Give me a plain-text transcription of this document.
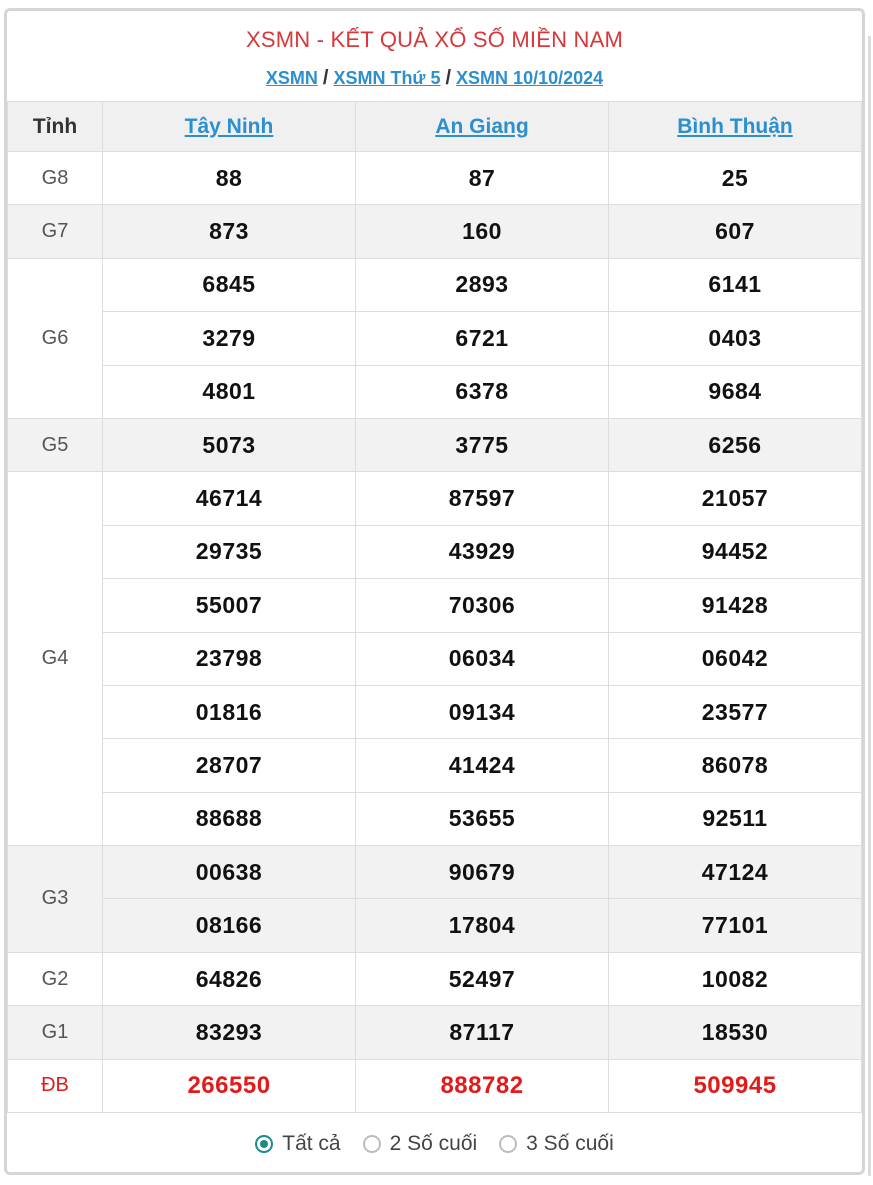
XSMN - KẾT QUẢ XỔ SỐ MIỀN NAM
XSMN / XSMN Thứ 5 / XSMN 10/10/2024
Tỉnh	Tây Ninh	An Giang	Bình Thuận
G8	88	87	25
G7	873	160	607
G6	6845	2893	6141
	3279	6721	0403
	4801	6378	9684
G5	5073	3775	6256
G4	46714	87597	21057
	29735	43929	94452
	55007	70306	91428
	23798	06034	06042
	01816	09134	23577
	28707	41424	86078
	88688	53655	92511
G3	00638	90679	47124
	08166	17804	77101
G2	64826	52497	10082
G1	83293	87117	18530
ĐB	266550	888782	509945
Tất cả 2 Số cuối 3 Số cuối
